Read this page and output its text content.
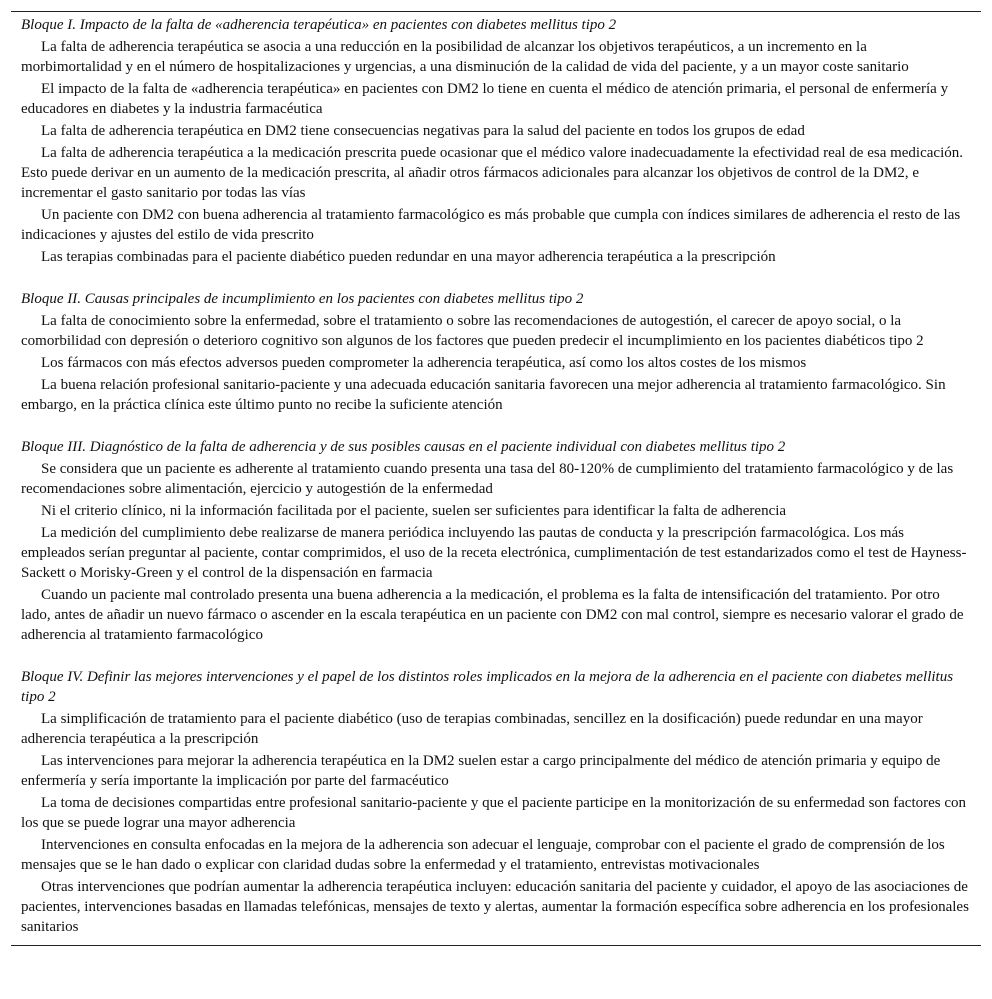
Bloque I. Impacto de la falta de «adherencia terapéutica» en pacientes con diabetes mellitus tipo 2

La falta de adherencia terapéutica se asocia a una reducción en la posibilidad de alcanzar los objetivos terapéuticos, a un incremento en la morbimortalidad y en el número de hospitalizaciones y urgencias, a una disminución de la calidad de vida del paciente, y a un mayor coste sanitario

El impacto de la falta de «adherencia terapéutica» en pacientes con DM2 lo tiene en cuenta el médico de atención primaria, el personal de enfermería y educadores en diabetes y la industria farmacéutica

La falta de adherencia terapéutica en DM2 tiene consecuencias negativas para la salud del paciente en todos los grupos de edad

La falta de adherencia terapéutica a la medicación prescrita puede ocasionar que el médico valore inadecuadamente la efectividad real de esa medicación. Esto puede derivar en un aumento de la medicación prescrita, al añadir otros fármacos adicionales para alcanzar los objetivos de control de la DM2, e incrementar el gasto sanitario por todas las vías

Un paciente con DM2 con buena adherencia al tratamiento farmacológico es más probable que cumpla con índices similares de adherencia el resto de las indicaciones y ajustes del estilo de vida prescrito

Las terapias combinadas para el paciente diabético pueden redundar en una mayor adherencia terapéutica a la prescripción

Bloque II. Causas principales de incumplimiento en los pacientes con diabetes mellitus tipo 2

La falta de conocimiento sobre la enfermedad, sobre el tratamiento o sobre las recomendaciones de autogestión, el carecer de apoyo social, o la comorbilidad con depresión o deterioro cognitivo son algunos de los factores que pueden predecir el incumplimiento en los pacientes diabéticos tipo 2

Los fármacos con más efectos adversos pueden comprometer la adherencia terapéutica, así como los altos costes de los mismos

La buena relación profesional sanitario-paciente y una adecuada educación sanitaria favorecen una mejor adherencia al tratamiento farmacológico. Sin embargo, en la práctica clínica este último punto no recibe la suficiente atención

Bloque III. Diagnóstico de la falta de adherencia y de sus posibles causas en el paciente individual con diabetes mellitus tipo 2

Se considera que un paciente es adherente al tratamiento cuando presenta una tasa del 80-120% de cumplimiento del tratamiento farmacológico y de las recomendaciones sobre alimentación, ejercicio y autogestión de la enfermedad

Ni el criterio clínico, ni la información facilitada por el paciente, suelen ser suficientes para identificar la falta de adherencia

La medición del cumplimiento debe realizarse de manera periódica incluyendo las pautas de conducta y la prescripción farmacológica. Los más empleados serían preguntar al paciente, contar comprimidos, el uso de la receta electrónica, cumplimentación de test estandarizados como el test de Hayness-Sackett o Morisky-Green y el control de la dispensación en farmacia

Cuando un paciente mal controlado presenta una buena adherencia a la medicación, el problema es la falta de intensificación del tratamiento. Por otro lado, antes de añadir un nuevo fármaco o ascender en la escala terapéutica en un paciente con DM2 con mal control, siempre es necesario valorar el grado de adherencia al tratamiento farmacológico

Bloque IV. Definir las mejores intervenciones y el papel de los distintos roles implicados en la mejora de la adherencia en el paciente con diabetes mellitus tipo 2

La simplificación de tratamiento para el paciente diabético (uso de terapias combinadas, sencillez en la dosificación) puede redundar en una mayor adherencia terapéutica a la prescripción

Las intervenciones para mejorar la adherencia terapéutica en la DM2 suelen estar a cargo principalmente del médico de atención primaria y equipo de enfermería y sería importante la implicación por parte del farmacéutico

La toma de decisiones compartidas entre profesional sanitario-paciente y que el paciente participe en la monitorización de su enfermedad son factores con los que se puede lograr una mayor adherencia

Intervenciones en consulta enfocadas en la mejora de la adherencia son adecuar el lenguaje, comprobar con el paciente el grado de comprensión de los mensajes que se le han dado o explicar con claridad dudas sobre la enfermedad y el tratamiento, entrevistas motivacionales

Otras intervenciones que podrían aumentar la adherencia terapéutica incluyen: educación sanitaria del paciente y cuidador, el apoyo de las asociaciones de pacientes, intervenciones basadas en llamadas telefónicas, mensajes de texto y alertas, aumentar la formación específica sobre adherencia en los profesionales sanitarios
